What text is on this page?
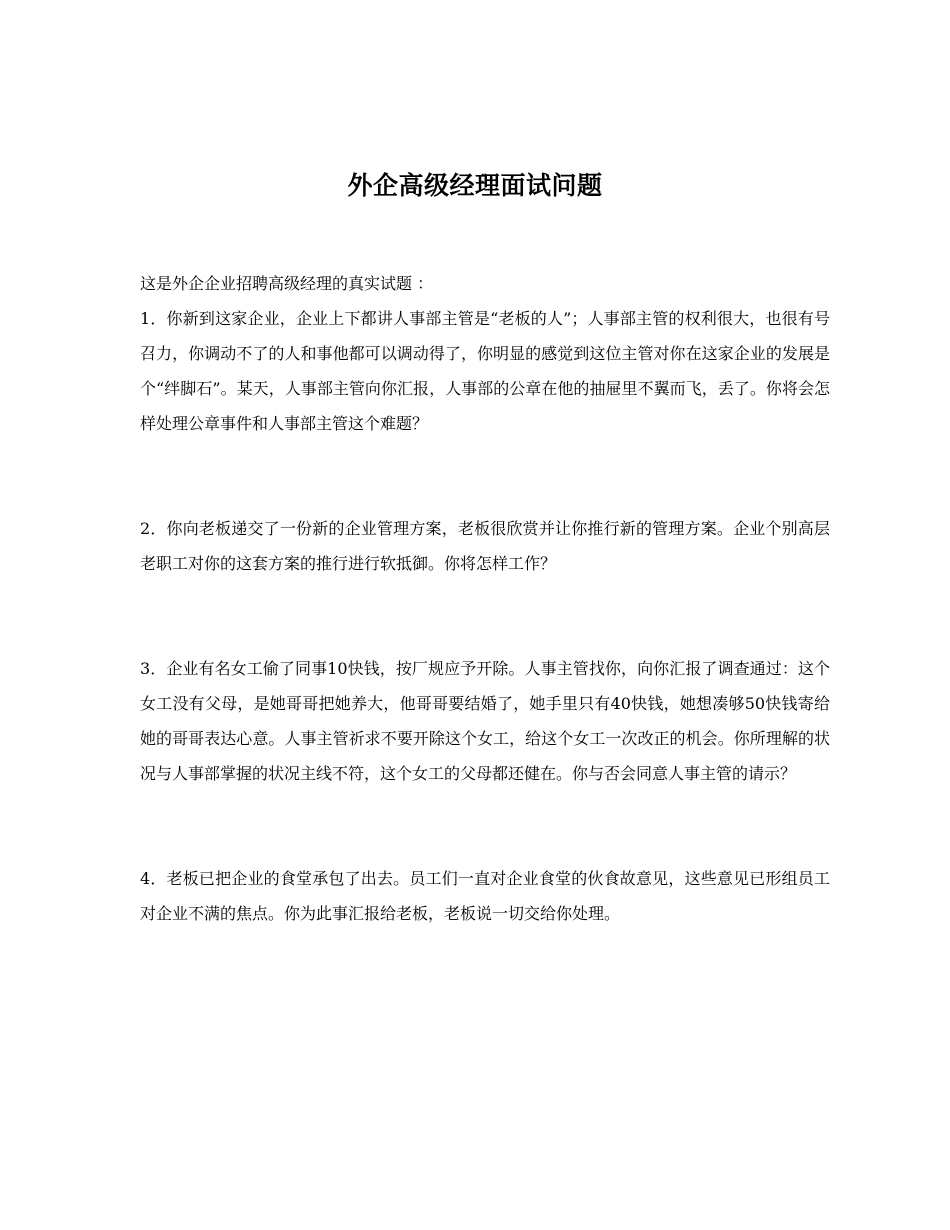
外企高级经理面试问题

这是外企企业招聘高级经理的真实试题 ：

1．你新到这家企业，企业上下都讲人事部主管是“老板的人”；人事部主管的权利很大，也很有号召力，你调动不了的人和事他都可以调动得了，你明显的感觉到这位主管对你在这家企业的发展是个“绊脚石”。某天，人事部主管向你汇报，人事部的公章在他的抽屉里不翼而飞，丢了。你将会怎样处理公章事件和人事部主管这个难题？

2．你向老板递交了一份新的企业管理方案，老板很欣赏并让你推行新的管理方案。企业个别高层老职工对你的这套方案的推行进行软抵御。你将怎样工作？

3．企业有名女工偷了同事10快钱，按厂规应予开除。人事主管找你，向你汇报了调查通过：这个女工没有父母，是她哥哥把她养大，他哥哥要结婚了，她手里只有40快钱，她想凑够50快钱寄给她的哥哥表达心意。人事主管祈求不要开除这个女工，给这个女工一次改正的机会。你所理解的状况与人事部掌握的状况主线不符，这个女工的父母都还健在。你与否会同意人事主管的请示？

4．老板已把企业的食堂承包了出去。员工们一直对企业食堂的伙食故意见，这些意见已形组员工对企业不满的焦点。你为此事汇报给老板，老板说一切交给你处理。
